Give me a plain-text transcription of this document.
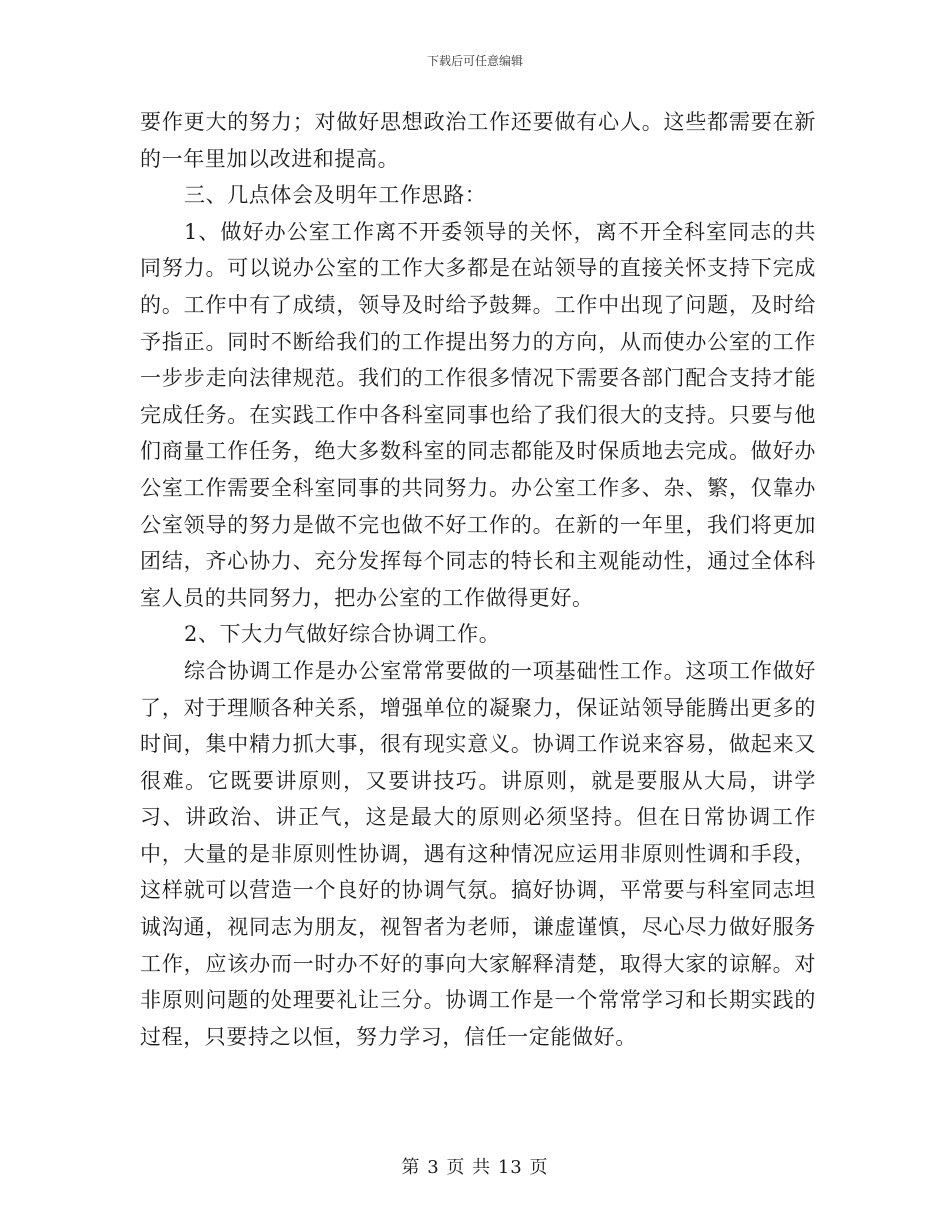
下载后可任意编辑

要作更大的努力；对做好思想政治工作还要做有心人。这些都需要在新的一年里加以改进和提高。

三、几点体会及明年工作思路：

1、做好办公室工作离不开委领导的关怀，离不开全科室同志的共同努力。可以说办公室的工作大多都是在站领导的直接关怀支持下完成的。工作中有了成绩，领导及时给予鼓舞。工作中出现了问题，及时给予指正。同时不断给我们的工作提出努力的方向，从而使办公室的工作一步步走向法律规范。我们的工作很多情况下需要各部门配合支持才能完成任务。在实践工作中各科室同事也给了我们很大的支持。只要与他们商量工作任务，绝大多数科室的同志都能及时保质地去完成。做好办公室工作需要全科室同事的共同努力。办公室工作多、杂、繁，仅靠办公室领导的努力是做不完也做不好工作的。在新的一年里，我们将更加团结，齐心协力、充分发挥每个同志的特长和主观能动性，通过全体科室人员的共同努力，把办公室的工作做得更好。

2、下大力气做好综合协调工作。

综合协调工作是办公室常常要做的一项基础性工作。这项工作做好了，对于理顺各种关系，增强单位的凝聚力，保证站领导能腾出更多的时间，集中精力抓大事，很有现实意义。协调工作说来容易，做起来又很难。它既要讲原则，又要讲技巧。讲原则，就是要服从大局，讲学习、讲政治、讲正气，这是最大的原则必须坚持。但在日常协调工作中，大量的是非原则性协调，遇有这种情况应运用非原则性调和手段，这样就可以营造一个良好的协调气氛。搞好协调，平常要与科室同志坦诚沟通，视同志为朋友，视智者为老师，谦虚谨慎，尽心尽力做好服务工作，应该办而一时办不好的事向大家解释清楚，取得大家的谅解。对非原则问题的处理要礼让三分。协调工作是一个常常学习和长期实践的过程，只要持之以恒，努力学习，信任一定能做好。

第 3 页 共 13 页
